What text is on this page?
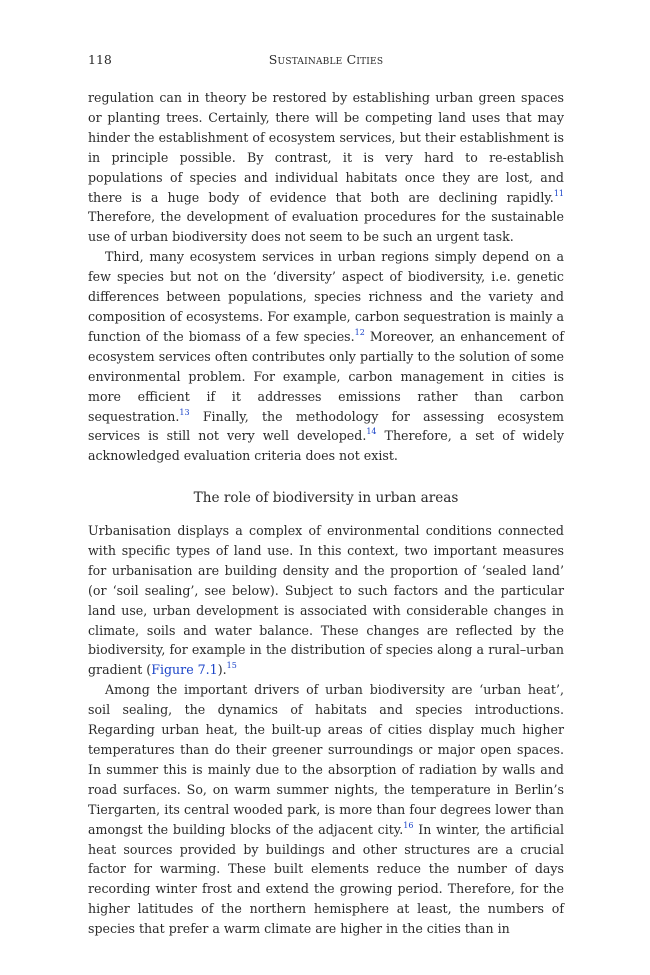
118	Sustainable Cities

regulation can in theory be restored by establishing urban green spaces or planting trees. Certainly, there will be competing land uses that may hinder the establishment of ecosystem services, but their establishment is in principle possible. By contrast, it is very hard to re-establish populations of species and individual habitats once they are lost, and there is a huge body of evidence that both are declining rapidly.$^{11}$ Therefore, the development of evaluation procedures for the sustainable use of urban biodiversity does not seem to be such an urgent task.

Third, many ecosystem services in urban regions simply depend on a few species but not on the ‘diversity’ aspect of biodiversity, i.e. genetic differences between populations, species richness and the variety and composition of ecosystems. For example, carbon sequestration is mainly a function of the biomass of a few species.$^{12}$ Moreover, an enhancement of ecosystem services often contributes only partially to the solution of some environmental problem. For example, carbon management in cities is more efficient if it addresses emissions rather than carbon sequestration.$^{13}$ Finally, the methodology for assessing ecosystem services is still not very well developed.$^{14}$ Therefore, a set of widely acknowledged evaluation criteria does not exist.

The role of biodiversity in urban areas

Urbanisation displays a complex of environmental conditions connected with specific types of land use. In this context, two important measures for urbanisation are building density and the proportion of ‘sealed land’ (or ‘soil sealing’, see below). Subject to such factors and the particular land use, urban development is associated with considerable changes in climate, soils and water balance. These changes are reflected by the biodiversity, for example in the distribution of species along a rural–urban gradient (Figure 7.1).$^{15}$

Among the important drivers of urban biodiversity are ‘urban heat’, soil sealing, the dynamics of habitats and species introductions. Regarding urban heat, the built-up areas of cities display much higher temperatures than do their greener surroundings or major open spaces. In summer this is mainly due to the absorption of radiation by walls and road surfaces. So, on warm summer nights, the temperature in Berlin’s Tiergarten, its central wooded park, is more than four degrees lower than amongst the building blocks of the adjacent city.$^{16}$ In winter, the artificial heat sources provided by buildings and other structures are a crucial factor for warming. These built elements reduce the number of days recording winter frost and extend the growing period. Therefore, for the higher latitudes of the northern hemisphere at least, the numbers of species that prefer a warm climate are higher in the cities than in
